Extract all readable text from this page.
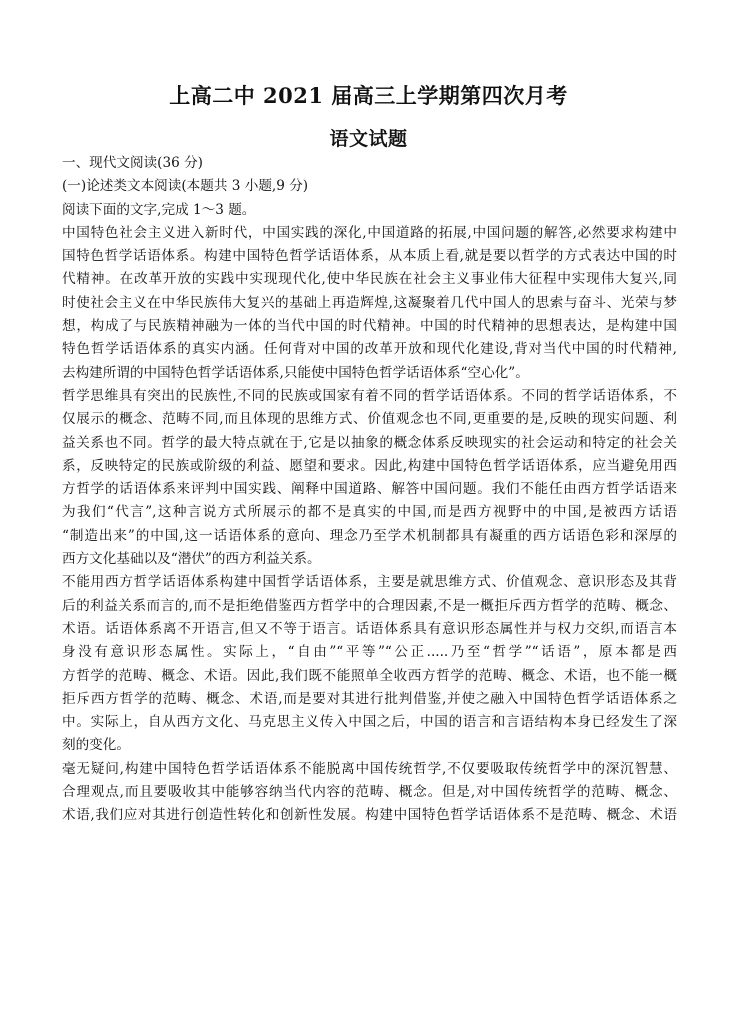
上高二中 2021 届高三上学期第四次月考
语文试题
一、现代文阅读(36 分)
(一)论述类文本阅读(本题共 3 小题,9 分)
阅读下面的文字,完成 1～3 题。
中国特色社会主义进入新时代，中国实践的深化,中国道路的拓展,中国问题的解答,必然要求构建中
国特色哲学话语体系。构建中国特色哲学话语体系，从本质上看,就是要以哲学的方式表达中国的时
代精神。在改革开放的实践中实现现代化,使中华民族在社会主义事业伟大征程中实现伟大复兴,同
时使社会主义在中华民族伟大复兴的基础上再造辉煌,这凝聚着几代中国人的思索与奋斗、光荣与梦
想，构成了与民族精神融为一体的当代中国的时代精神。中国的时代精神的思想表达，是构建中国
特色哲学话语体系的真实内涵。任何背对中国的改革开放和现代化建设,背对当代中国的时代精神,
去构建所谓的中国特色哲学话语体系,只能使中国特色哲学话语体系“空心化”。
哲学思维具有突出的民族性,不同的民族或国家有着不同的哲学话语体系。不同的哲学话语体系，不
仅展示的概念、范畴不同,而且体现的思维方式、价值观念也不同,更重要的是,反映的现实问题、利
益关系也不同。哲学的最大特点就在于,它是以抽象的概念体系反映现实的社会运动和特定的社会关
系，反映特定的民族或阶级的利益、愿望和要求。因此,构建中国特色哲学话语体系，应当避免用西
方哲学的话语体系来评判中国实践、阐释中国道路、解答中国问题。我们不能任由西方哲学话语来
为我们“代言”,这种言说方式所展示的都不是真实的中国,而是西方视野中的中国,是被西方话语
“制造出来”的中国,这一话语体系的意向、理念乃至学术机制都具有凝重的西方话语色彩和深厚的
西方文化基础以及“潜伏”的西方利益关系。
不能用西方哲学话语体系构建中国哲学话语体系，主要是就思维方式、价值观念、意识形态及其背
后的利益关系而言的,而不是拒绝借鉴西方哲学中的合理因素,不是一概拒斥西方哲学的范畴、概念、
术语。话语体系离不开语言,但又不等于语言。话语体系具有意识形态属性并与权力交织,而语言本
身没有意识形态属性。实际上，“自由”“平等”“公正.....乃至“哲学”“话语”，原本都是西
方哲学的范畴、概念、术语。因此,我们既不能照单全收西方哲学的范畴、概念、术语，也不能一概
拒斥西方哲学的范畴、概念、术语,而是要对其进行批判借鉴,并使之融入中国特色哲学话语体系之
中。实际上，自从西方文化、马克思主义传入中国之后，中国的语言和言语结构本身已经发生了深
刻的变化。
毫无疑问,构建中国特色哲学话语体系不能脱离中国传统哲学,不仅要吸取传统哲学中的深沉智慧、
合理观点,而且要吸收其中能够容纳当代内容的范畴、概念。但是,对中国传统哲学的范畴、概念、
术语,我们应对其进行创造性转化和创新性发展。构建中国特色哲学话语体系不是范畴、概念、术语
